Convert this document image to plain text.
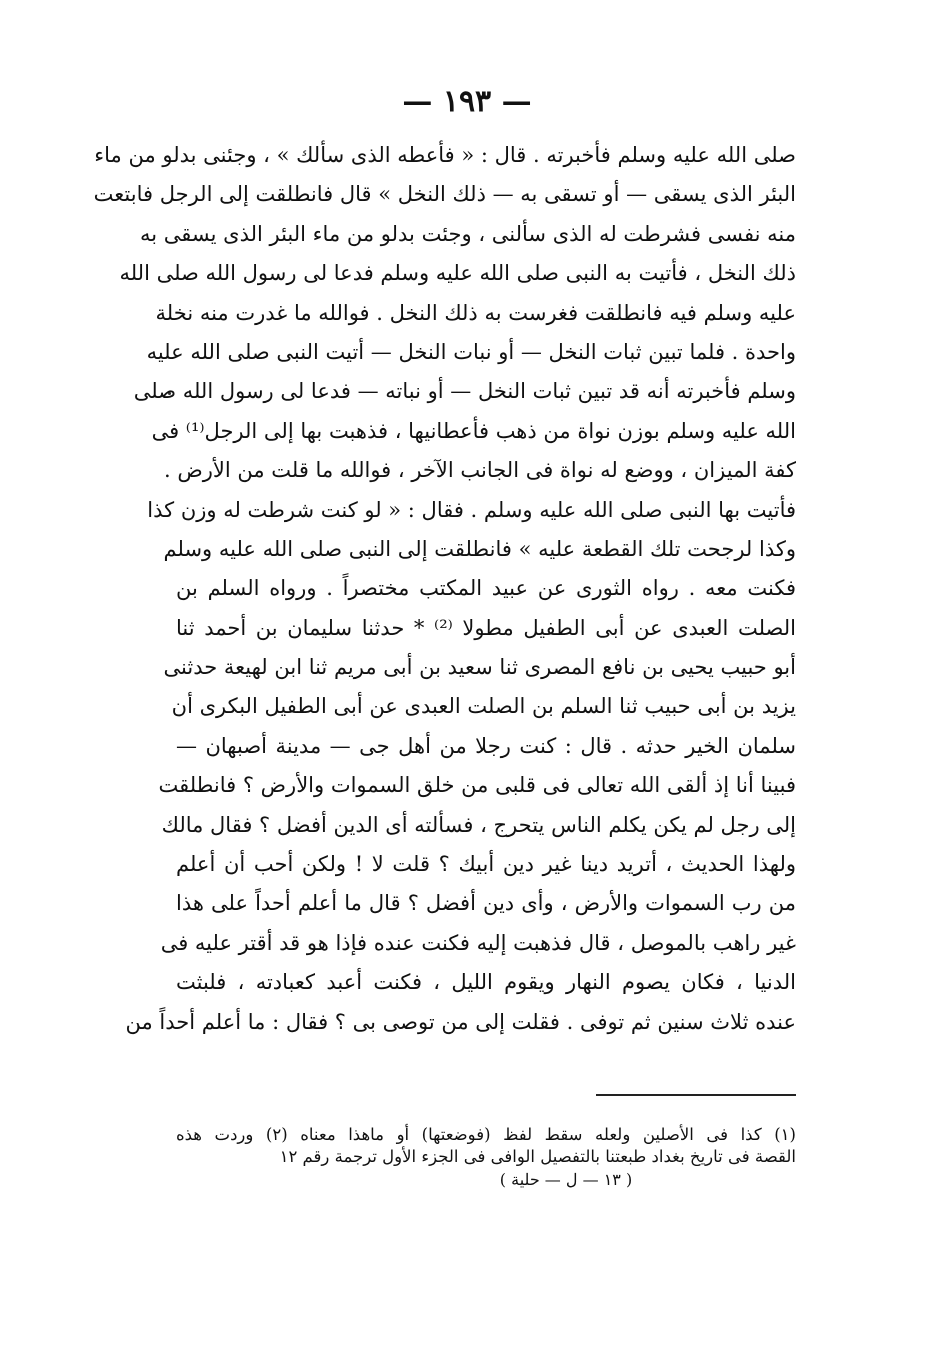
— ١٩٣ —
صلى الله عليه وسلم فأخبرته . قال : « فأعطه الذى سألك » ، وجئنى بدلو من ماء
البئر الذى يسقى — أو تسقى به — ذلك النخل » قال فانطلقت إلى الرجل فابتعت
منه نفسى فشرطت له الذى سألنى ، وجئت بدلو من ماء البئر الذى يسقى به
ذلك النخل ، فأتيت به النبى صلى الله عليه وسلم فدعا لى رسول الله صلى الله
عليه وسلم فيه فانطلقت فغرست به ذلك النخل . فوالله ما غدرت منه نخلة
واحدة . فلما تبين ثبات النخل — أو نبات النخل — أتيت النبى صلى الله عليه
وسلم فأخبرته أنه قد تبين ثبات النخل — أو نباته — فدعا لى رسول الله صلى
الله عليه وسلم بوزن نواة من ذهب فأعطانيها ، فذهبت بها إلى الرجل⁽¹⁾ فى
كفة الميزان ، ووضع له نواة فى الجانب الآخر ، فوالله ما قلت من الأرض .
فأتيت بها النبى صلى الله عليه وسلم . فقال : « لو كنت شرطت له وزن كذا
وكذا لرجحت تلك القطعة عليه » فانطلقت إلى النبى صلى الله عليه وسلم
فكنت معه . رواه الثورى عن عبيد المكتب مختصراً . ورواه السلم بن
الصلت العبدى عن أبى الطفيل مطولا ⁽²⁾ * حدثنا سليمان بن أحمد ثنا
أبو حبيب يحيى بن نافع المصرى ثنا سعيد بن أبى مريم ثنا ابن لهيعة حدثنى
يزيد بن أبى حبيب ثنا السلم بن الصلت العبدى عن أبى الطفيل البكرى أن
سلمان الخير حدثه . قال : كنت رجلا من أهل جى — مدينة أصبهان —
فبينا أنا إذ ألقى الله تعالى فى قلبى من خلق السموات والأرض ؟ فانطلقت
إلى رجل لم يكن يكلم الناس يتحرج ، فسألته أى الدين أفضل ؟ فقال مالك
ولهذا الحديث ، أتريد دينا غير دين أبيك ؟ قلت لا ! ولكن أحب أن أعلم
من رب السموات والأرض ، وأى دين أفضل ؟ قال ما أعلم أحداً على هذا
غير راهب بالموصل ، قال فذهبت إليه فكنت عنده فإذا هو قد أقتر عليه فى
الدنيا ، فكان يصوم النهار ويقوم الليل ، فكنت أعبد كعبادته ، فلبثت
عنده ثلاث سنين ثم توفى . فقلت إلى من توصى بى ؟ فقال : ما أعلم أحداً من
(١) كذا فى الأصلين ولعله سقط لفظ (فوضعتها) أو ماهذا معناه (٢) وردت هذه
القصة فى تاريخ بغداد طبعتنا بالتفصيل الوافى فى الجزء الأول ترجمة رقم ١٢
( ١٣ — ل — حلية )
